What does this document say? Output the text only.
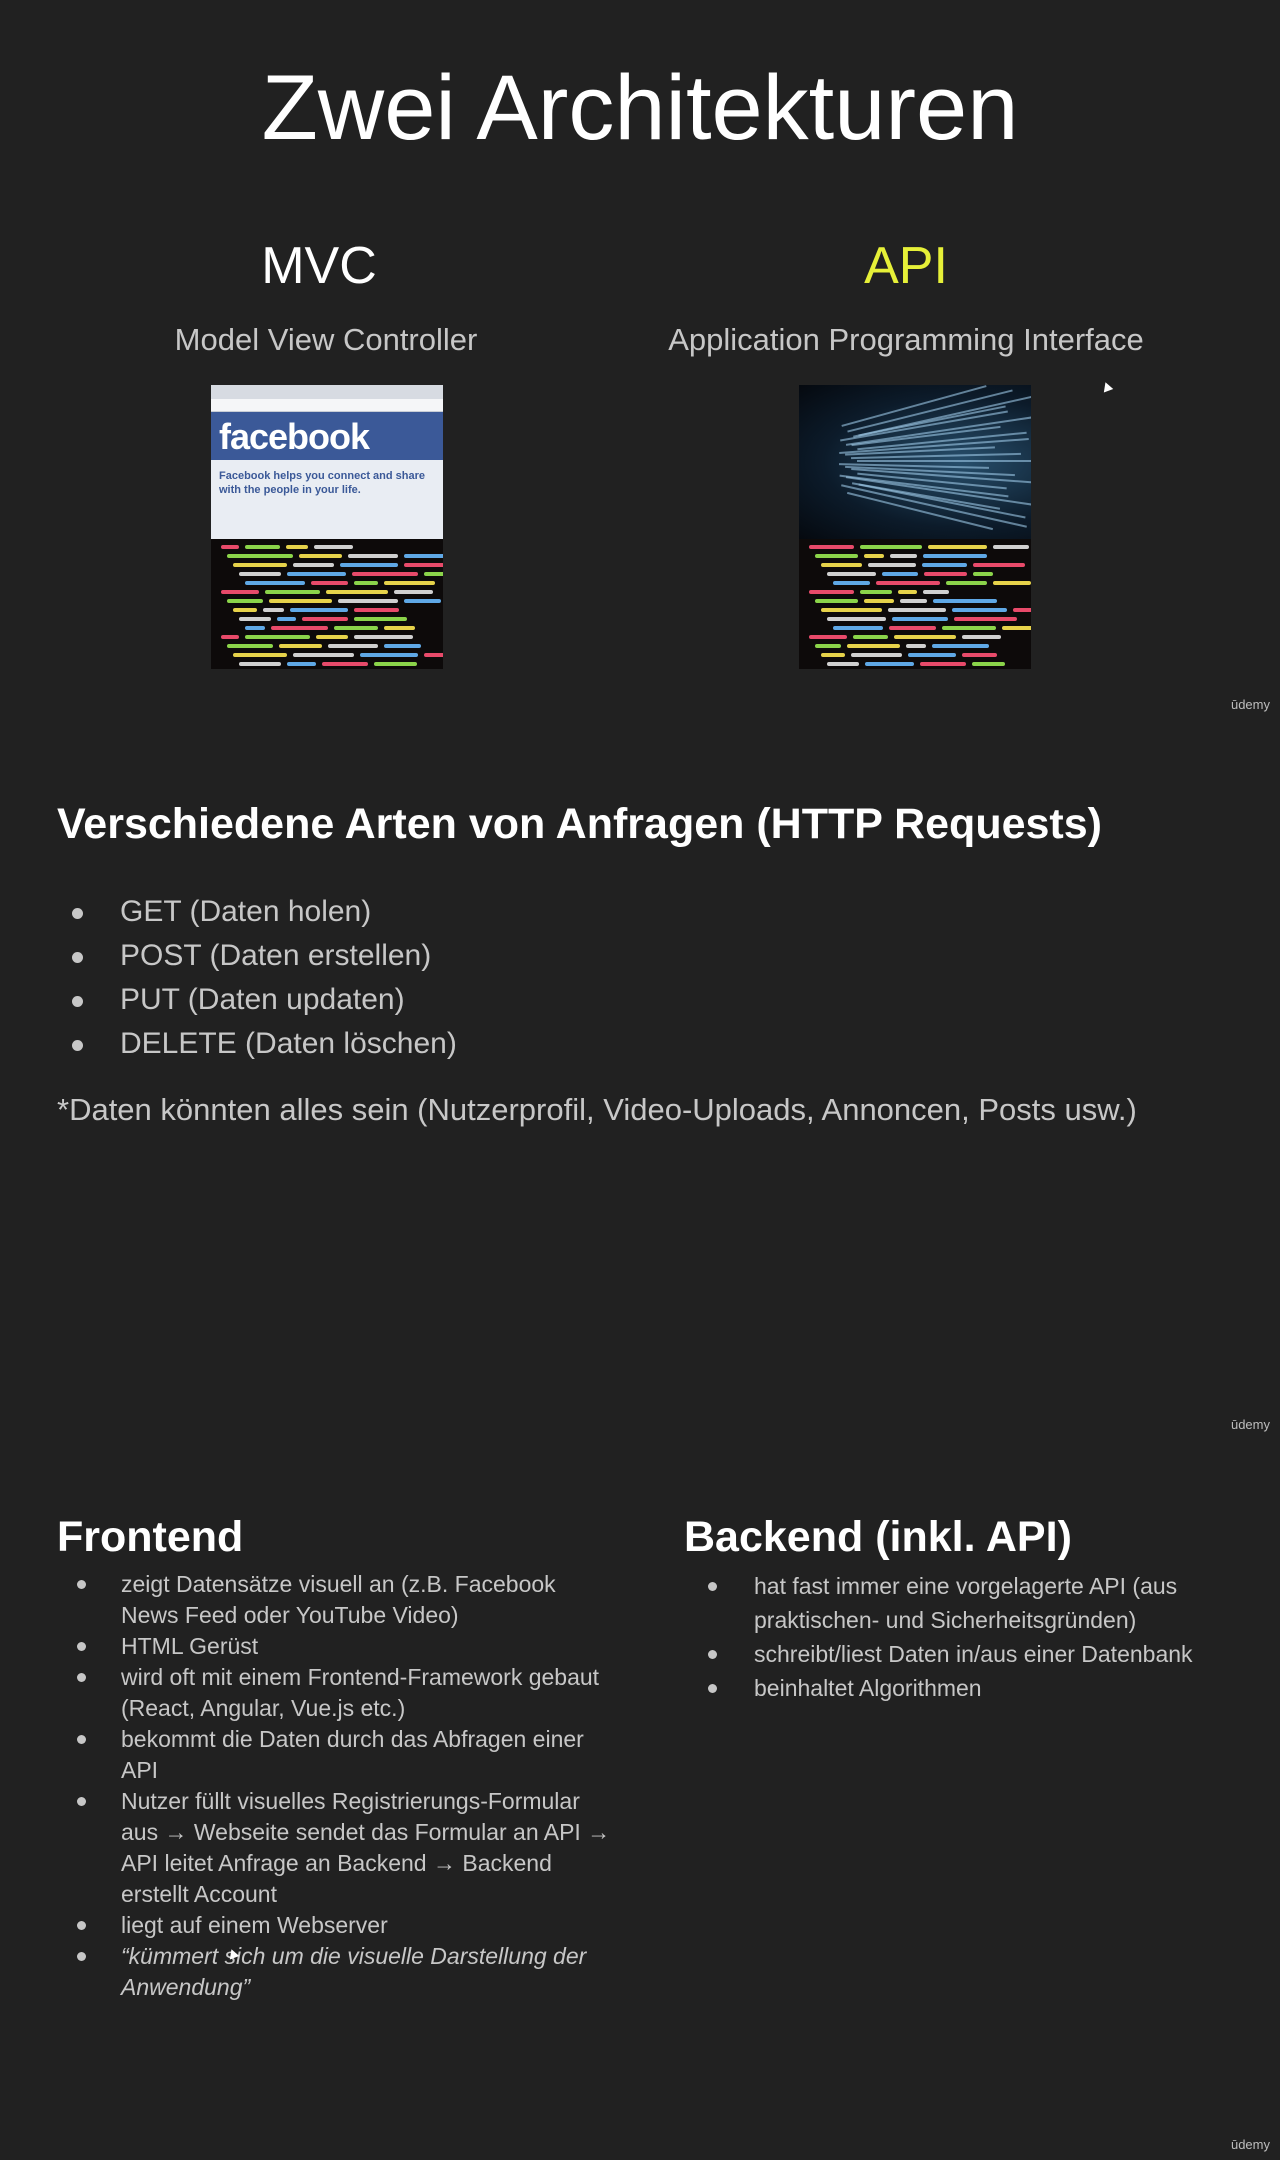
Zwei Architekturen
MVC
Model View Controller
API
Application Programming Interface
facebook
Facebook helps you connect and share with the people in your life.
ūdemy
Verschiedene Arten von Anfragen (HTTP Requests)
GET (Daten holen)
POST (Daten erstellen)
PUT (Daten updaten)
DELETE (Daten löschen)
*Daten könnten alles sein (Nutzerprofil, Video-Uploads, Annoncen, Posts usw.)
ūdemy
Frontend
zeigt Datensätze visuell an (z.B. Facebook News Feed oder YouTube Video)
HTML Gerüst
wird oft mit einem Frontend-Framework gebaut (React, Angular, Vue.js etc.)
bekommt die Daten durch das Abfragen einer API
Nutzer füllt visuelles Registrierungs-Formular aus → Webseite sendet das Formular an API → API leitet Anfrage an Backend → Backend erstellt Account
liegt auf einem Webserver
“kümmert sich um die visuelle Darstellung der Anwendung”
Backend (inkl. API)
hat fast immer eine vorgelagerte API (aus praktischen- und Sicherheitsgründen)
schreibt/liest Daten in/aus einer Datenbank
beinhaltet Algorithmen
ūdemy
